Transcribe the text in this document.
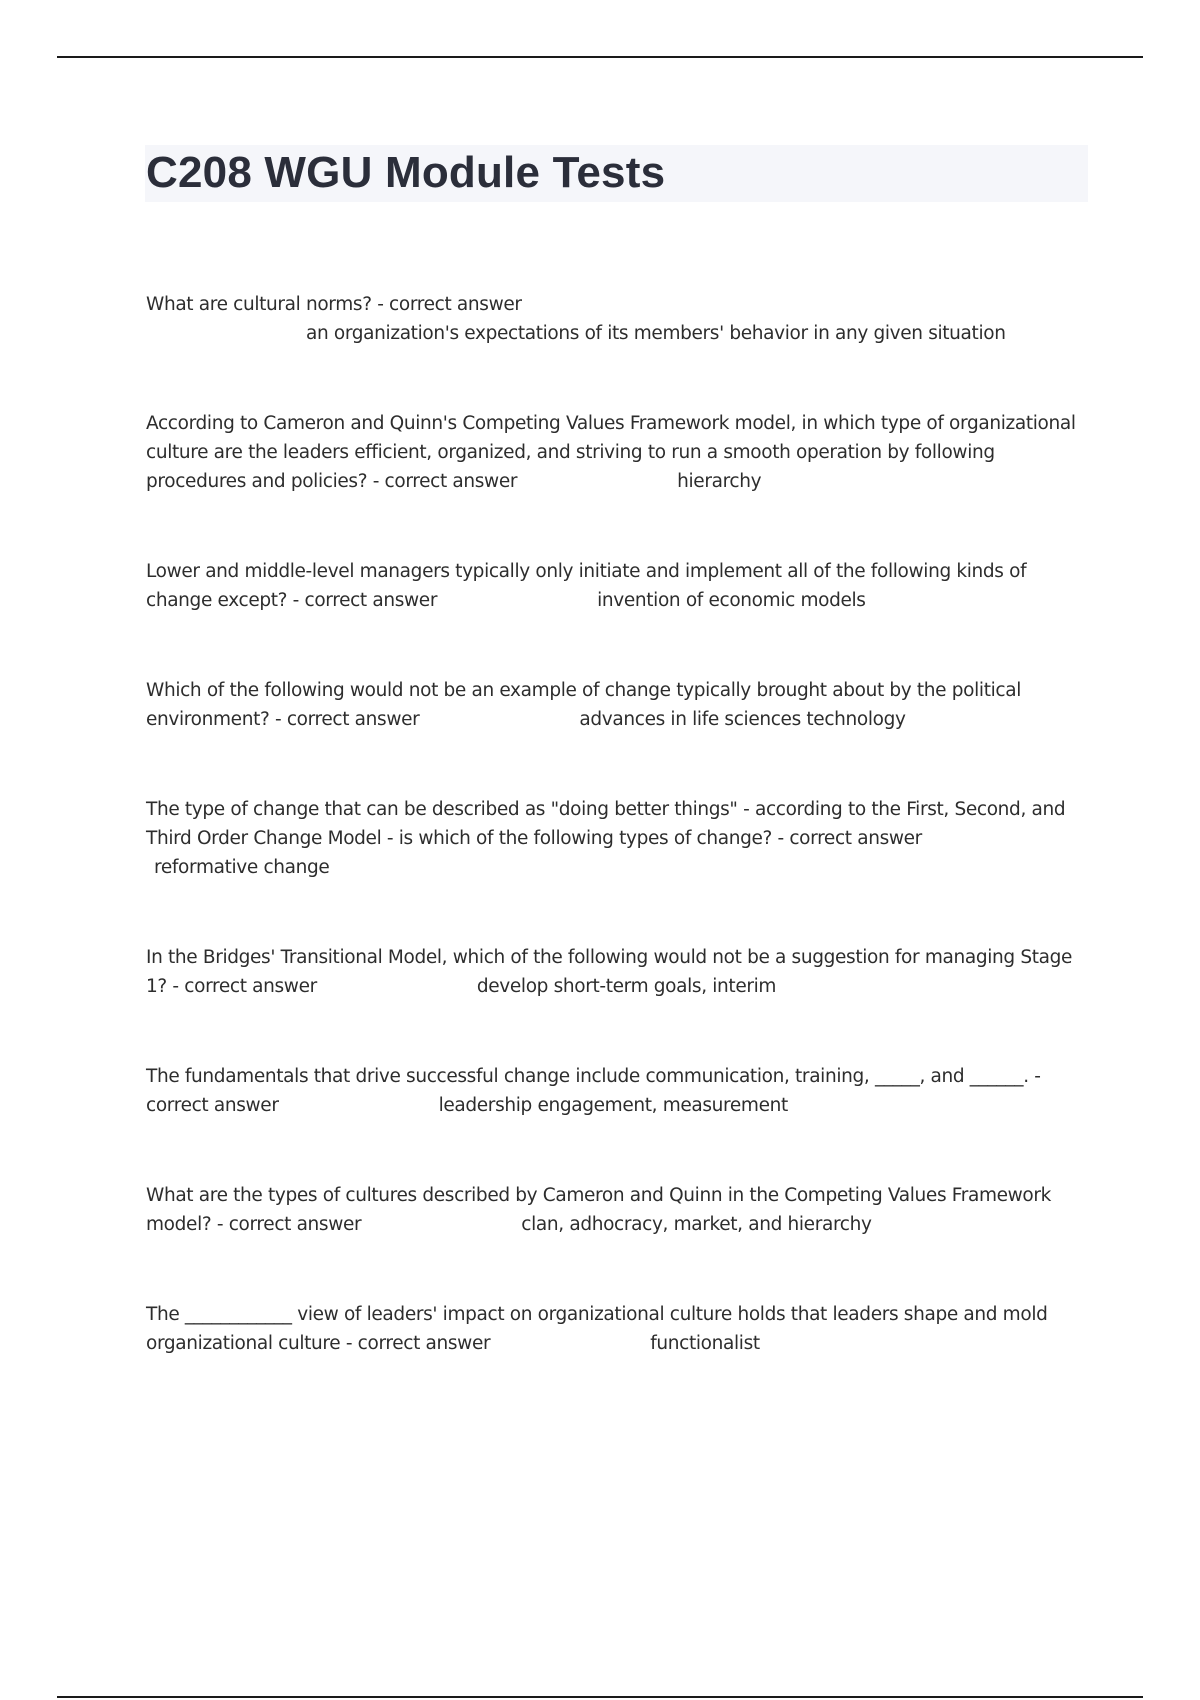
C208 WGU Module Tests

What are cultural norms? - correct answeran organization's expectations of its members' behavior in any given situation

According to Cameron and Quinn's Competing Values Framework model, in which type of organizational culture are the leaders efficient, organized, and striving to run a smooth operation by following procedures and policies? - correct answer	hierarchy

Lower and middle-level managers typically only initiate and implement all of the following kinds of change except? - correct answer	invention of economic models

Which of the following would not be an example of change typically brought about by the political environment? - correct answer	advances in life sciences technology

The type of change that can be described as "doing better things" - according to the First, Second, and Third Order Change Model - is which of the following types of change? - correct answerreformative change

In the Bridges' Transitional Model, which of the following would not be a suggestion for managing Stage 1? - correct answer	develop short-term goals, interim

The fundamentals that drive successful change include communication, training, _____, and ______. - correct answer	leadership engagement, measurement

What are the types of cultures described by Cameron and Quinn in the Competing Values Framework model? - correct answer	clan, adhocracy, market, and hierarchy

The ____________ view of leaders' impact on organizational culture holds that leaders shape and mold organizational culture - correct answer	functionalist
